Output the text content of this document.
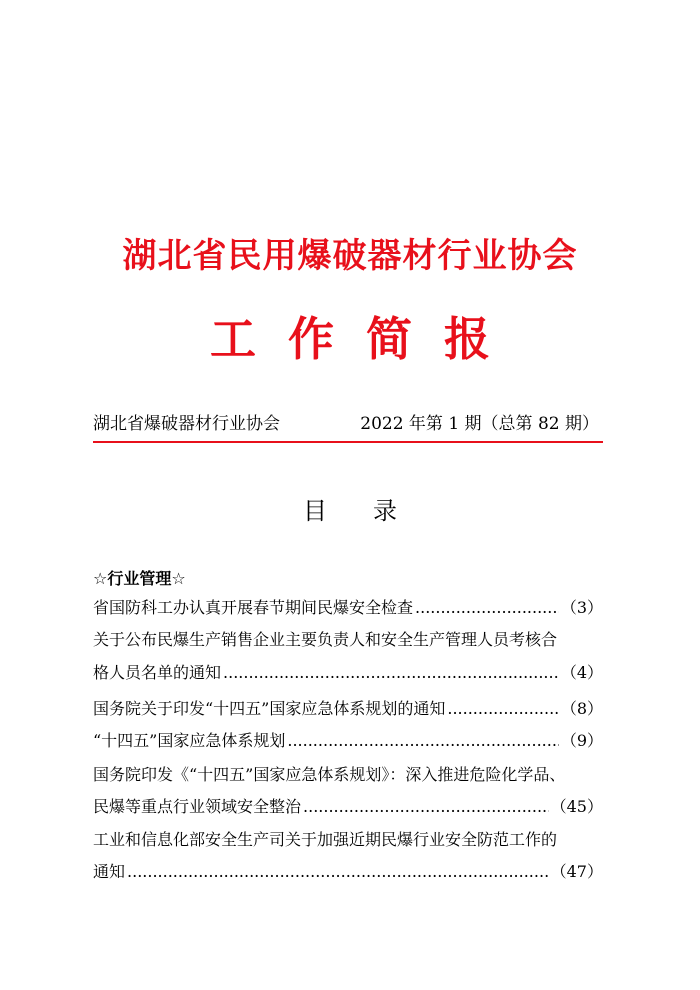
湖北省民用爆破器材行业协会
工作简报
湖北省爆破器材行业协会	2022 年第 1 期（总第 82 期）
目录
☆行业管理☆
省国防科工办认真开展春节期间民爆安全检查 .....	（3）
关于公布民爆生产销售企业主要负责人和安全生产管理人员考核合
格人员名单的通知 .....	（4）
国务院关于印发“十四五”国家应急体系规划的通知 .....	（8）
“十四五”国家应急体系规划 .....	（9）
国务院印发《“十四五”国家应急体系规划》：深入推进危险化学品、
民爆等重点行业领域安全整治 .....	（45）
工业和信息化部安全生产司关于加强近期民爆行业安全防范工作的
通知 .....	（47）
